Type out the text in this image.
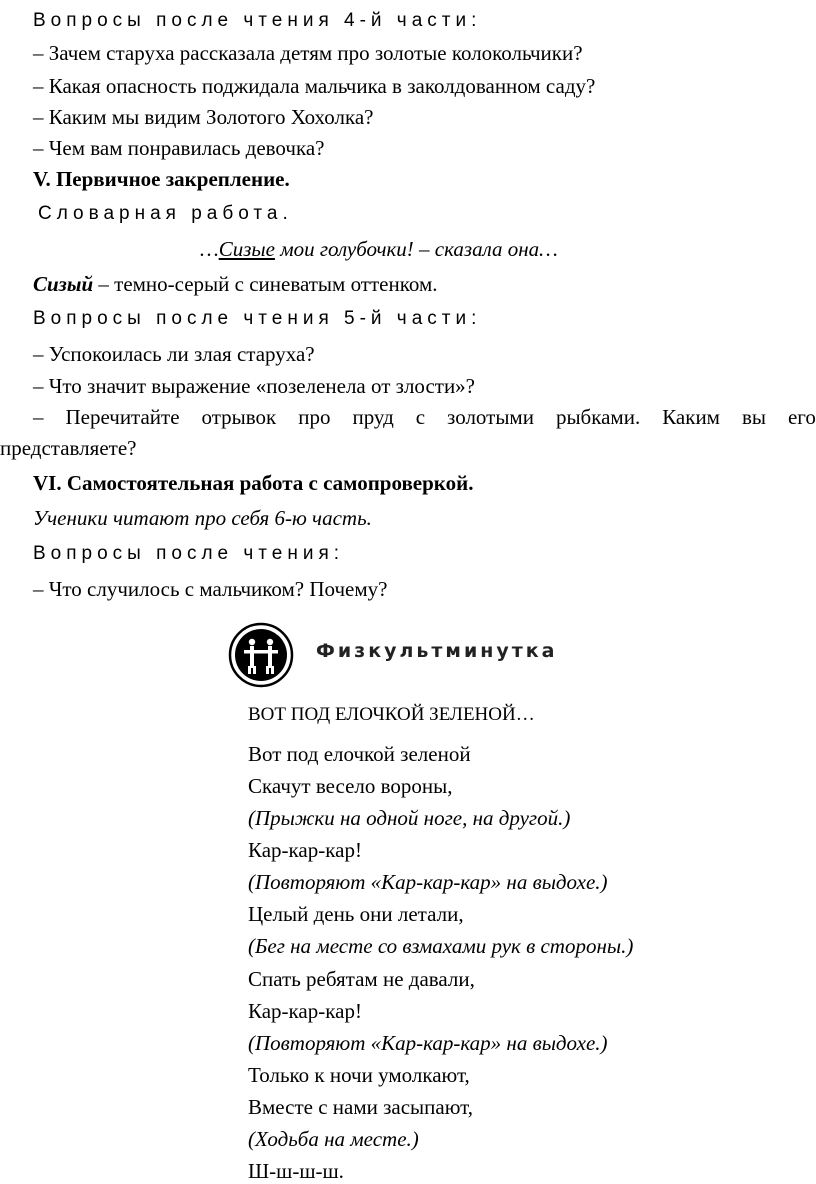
Вопросы после чтения 4-й части:
– Зачем старуха рассказала детям про золотые колокольчики?
– Какая опасность поджидала мальчика в заколдованном саду?
– Каким мы видим Золотого Хохолка?
– Чем вам понравилась девочка?
V. Первичное закрепление.
Словарная работа.
…Сизые мои голубочки! – сказала она…
Сизый – темно-серый с синеватым оттенком.
Вопросы после чтения 5-й части:
– Успокоилась ли злая старуха?
– Что значит выражение «позеленела от злости»?
– Перечитайте отрывок про пруд с золотыми рыбками. Каким вы его
представляете?
VI. Самостоятельная работа с самопроверкой.
Ученики читают про себя 6-ю часть.
Вопросы после чтения:
– Что случилось с мальчиком? Почему?
Физкультминутка
ВОТ ПОД ЕЛОЧКОЙ ЗЕЛЕНОЙ…
Вот под елочкой зеленой
Скачут весело вороны,
(Прыжки на одной ноге, на другой.)
Кар-кар-кар!
(Повторяют «Кар-кар-кар» на выдохе.)
Целый день они летали,
(Бег на месте со взмахами рук в стороны.)
Спать ребятам не давали,
Кар-кар-кар!
(Повторяют «Кар-кар-кар» на выдохе.)
Только к ночи умолкают,
Вместе с нами засыпают,
(Ходьба на месте.)
Ш-ш-ш-ш.
